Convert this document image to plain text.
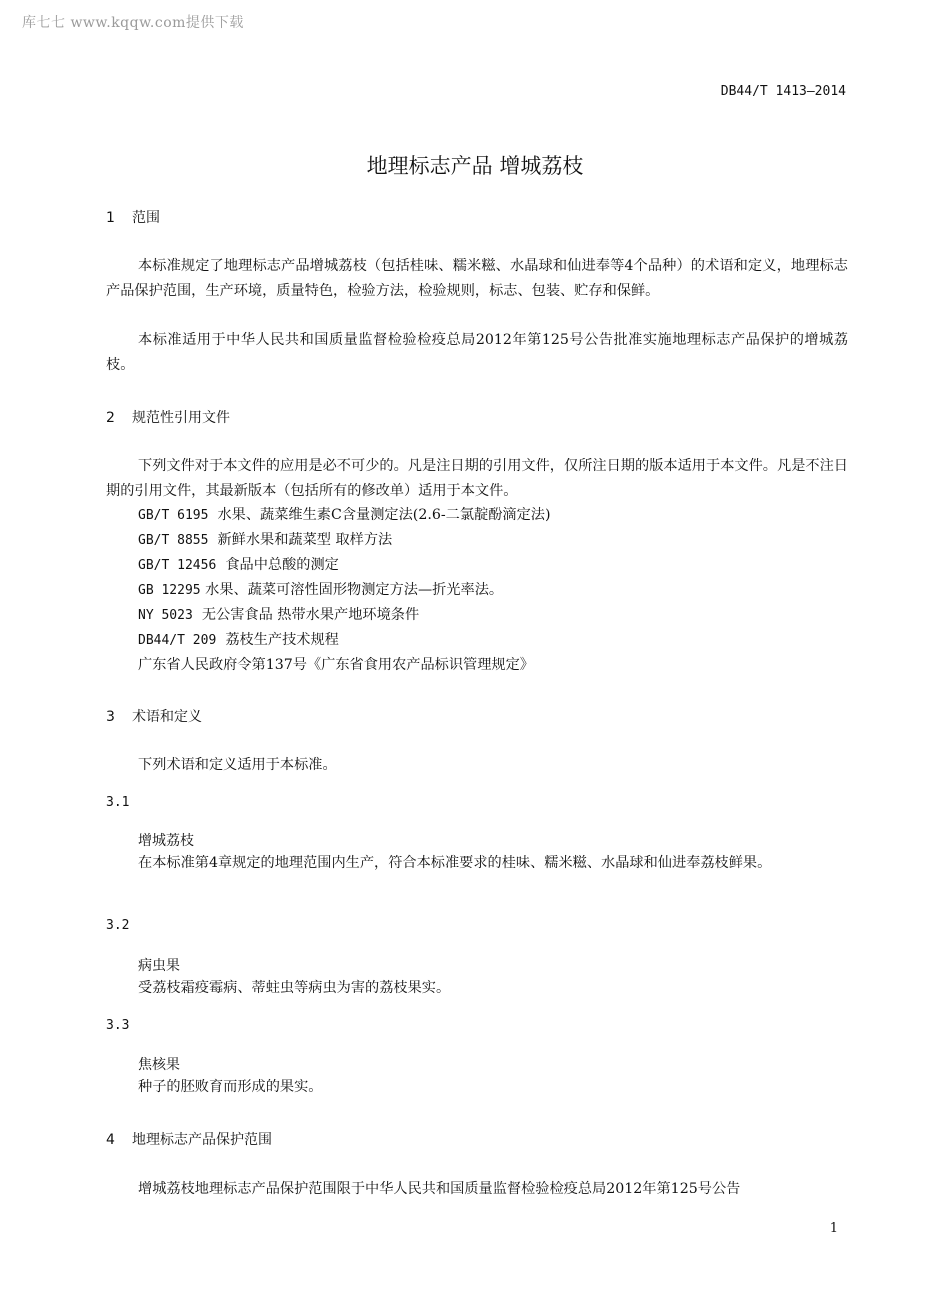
库七七 www.kqqw.com提供下载
DB44/T 1413—2014
地理标志产品 增城荔枝
1 范围
本标准规定了地理标志产品增城荔枝（包括桂味、糯米糍、水晶球和仙进奉等4个品种）的术语和定义，地理标志产品保护范围，生产环境，质量特色，检验方法，检验规则，标志、包装、贮存和保鲜。
本标准适用于中华人民共和国质量监督检验检疫总局2012年第125号公告批准实施地理标志产品保护的增城荔枝。
2 规范性引用文件
下列文件对于本文件的应用是必不可少的。凡是注日期的引用文件，仅所注日期的版本适用于本文件。凡是不注日期的引用文件，其最新版本（包括所有的修改单）适用于本文件。
GB/T 6195 水果、蔬菜维生素C含量测定法(2.6-二氯靛酚滴定法)
GB/T 8855 新鲜水果和蔬菜型 取样方法
GB/T 12456 食品中总酸的测定
GB 12295 水果、蔬菜可溶性固形物测定方法—折光率法。
NY 5023 无公害食品 热带水果产地环境条件
DB44/T 209 荔枝生产技术规程
广东省人民政府令第137号《广东省食用农产品标识管理规定》
3 术语和定义
下列术语和定义适用于本标准。
3.1
增城荔枝
在本标准第4章规定的地理范围内生产，符合本标准要求的桂味、糯米糍、水晶球和仙进奉荔枝鲜果。
3.2
病虫果
受荔枝霜疫霉病、蒂蛀虫等病虫为害的荔枝果实。
3.3
焦核果
种子的胚败育而形成的果实。
4 地理标志产品保护范围
增城荔枝地理标志产品保护范围限于中华人民共和国质量监督检验检疫总局2012年第125号公告
1
